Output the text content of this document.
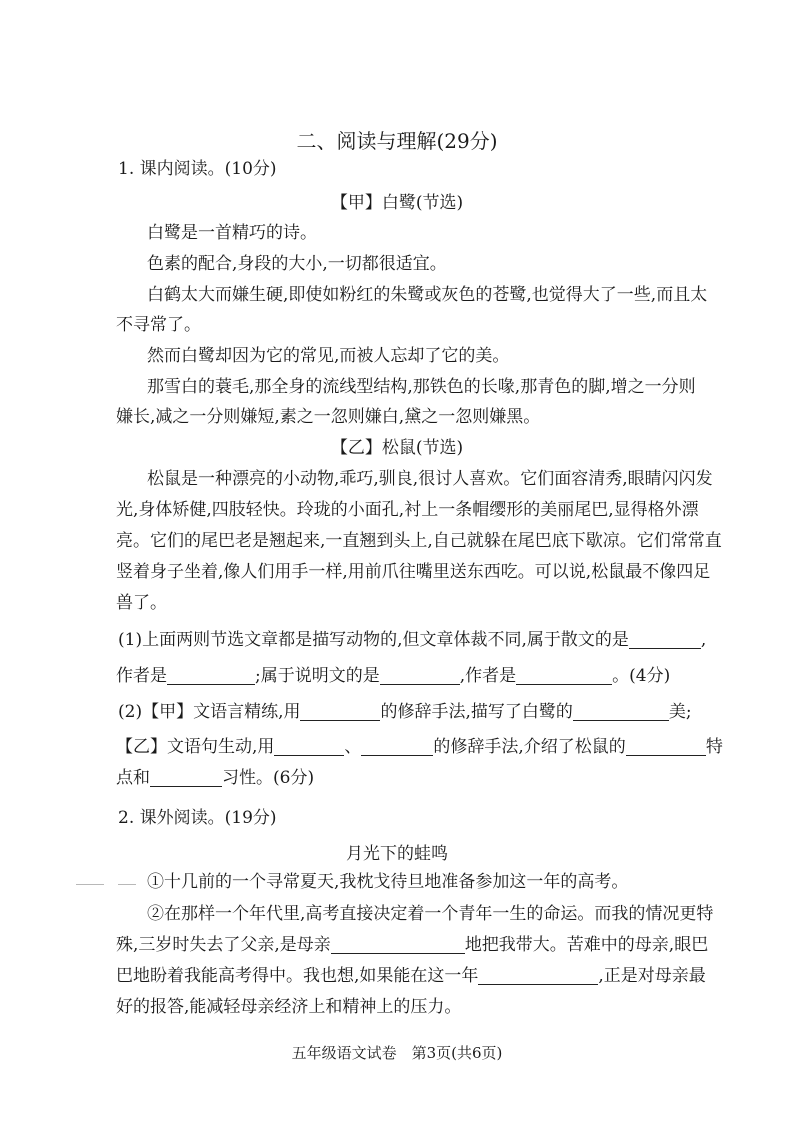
二、阅读与理解(29分)
1. 课内阅读。(10分)
【甲】白鹭(节选)
白鹭是一首精巧的诗。
色素的配合,身段的大小,一切都很适宜。
白鹤太大而嫌生硬,即使如粉红的朱鹭或灰色的苍鹭,也觉得大了一些,而且太
不寻常了。
然而白鹭却因为它的常见,而被人忘却了它的美。
那雪白的蓑毛,那全身的流线型结构,那铁色的长喙,那青色的脚,增之一分则
嫌长,减之一分则嫌短,素之一忽则嫌白,黛之一忽则嫌黑。
【乙】松鼠(节选)
松鼠是一种漂亮的小动物,乖巧,驯良,很讨人喜欢。它们面容清秀,眼睛闪闪发
光,身体矫健,四肢轻快。玲珑的小面孔,衬上一条帽缨形的美丽尾巴,显得格外漂
亮。它们的尾巴老是翘起来,一直翘到头上,自己就躲在尾巴底下歇凉。它们常常直
竖着身子坐着,像人们用手一样,用前爪往嘴里送东西吃。可以说,松鼠最不像四足
兽了。
(1)上面两则节选文章都是描写动物的,但文章体裁不同,属于散文的是	,
作者是	;属于说明文的是	,作者是	。(4分)
(2)【甲】文语言精练,用	的修辞手法,描写了白鹭的	美;
【乙】文语句生动,用	、	的修辞手法,介绍了松鼠的	特
点和	习性。(6分)
2. 课外阅读。(19分)
月光下的蛙鸣
①十几前的一个寻常夏天,我枕戈待旦地准备参加这一年的高考。
②在那样一个年代里,高考直接决定着一个青年一生的命运。而我的情况更特
殊,三岁时失去了父亲,是母亲	地把我带大。苦难中的母亲,眼巴
巴地盼着我能高考得中。我也想,如果能在这一年	,正是对母亲最
好的报答,能减轻母亲经济上和精神上的压力。
五年级语文试卷　第3页(共6页)
